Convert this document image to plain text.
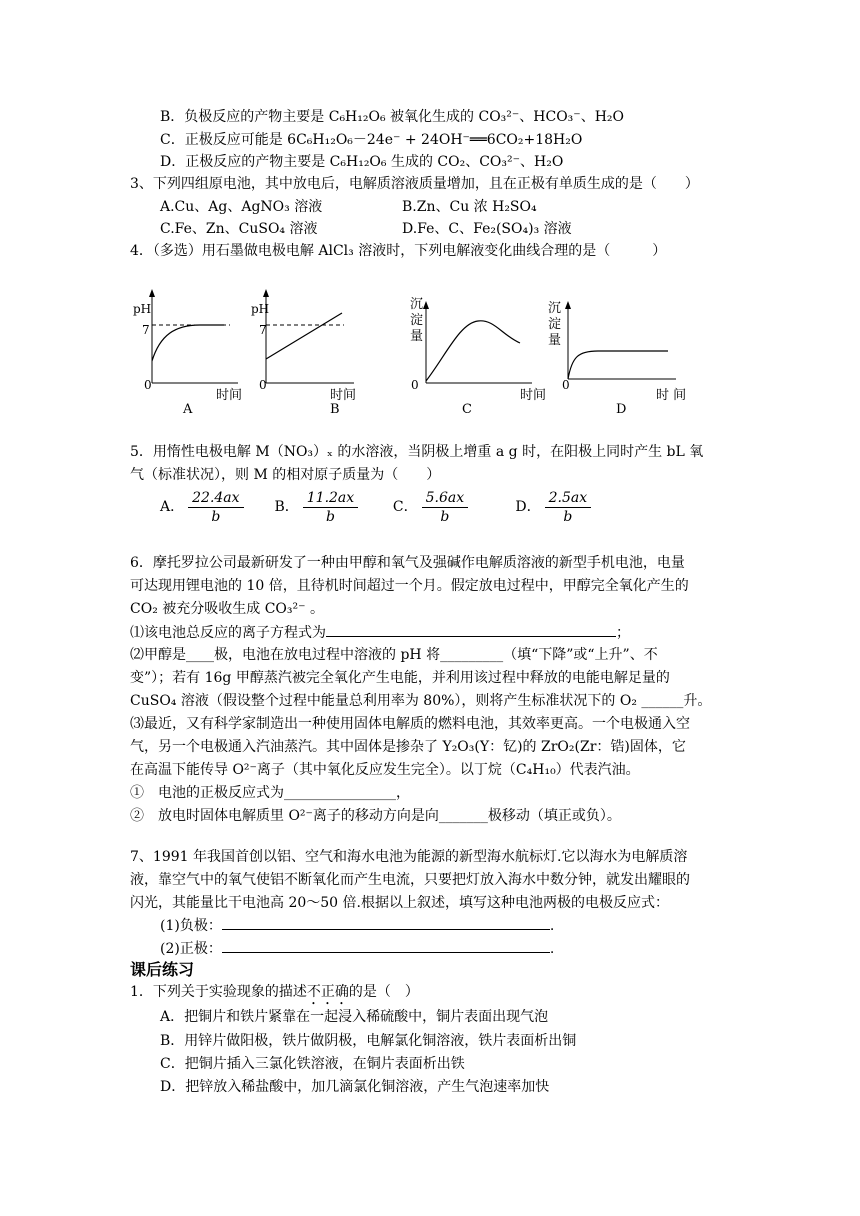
B．负极反应的产物主要是 C₆H₁₂O₆ 被氧化生成的 CO₃²⁻、HCO₃⁻、H₂O
C．正极反应可能是 6C₆H₁₂O₆－24e⁻ + 24OH⁻══6CO₂+18H₂O
D．正极反应的产物主要是 C₆H₁₂O₆ 生成的 CO₂、CO₃²⁻、H₂O
3、下列四组原电池，其中放电后，电解质溶液质量增加，且在正极有单质生成的是（　　）
A.Cu、Ag、AgNO₃ 溶液	B.Zn、Cu 浓 H₂SO₄
C.Fe、Zn、CuSO₄ 溶液	D.Fe、C、Fe₂(SO₄)₃ 溶液
4．（多选）用石墨做电极电解 AlCl₃ 溶液时，下列电解液变化曲线合理的是（　　　）
pH
7
0
时间
A
pH
7
0
时间
B
沉
淀
量
0
时间
C
沉
淀
量
0
时 间
D
5．用惰性电极电解 M（NO₃）ₓ 的水溶液，当阴极上增重 a g 时，在阳极上同时产生 bL 氧
气（标准状况），则 M 的相对原子质量为（　　）
A． $\frac{22.4ax}{b}$ B． $\frac{11.2ax}{b}$ C． $\frac{5.6ax}{b}$	D． $\frac{2.5ax}{b}$
6．摩托罗拉公司最新研发了一种由甲醇和氧气及强碱作电解质溶液的新型手机电池，电量
可达现用锂电池的 10 倍，且待机时间超过一个月。假定放电过程中，甲醇完全氧化产生的
CO₂ 被充分吸收生成 CO₃²⁻ 。
⑴该电池总反应的离子方程式为	；
⑵甲醇是____极，电池在放电过程中溶液的 pH 将_________（填“下降”或“上升”、不
变”）；若有 16g 甲醇蒸汽被完全氧化产生电能，并利用该过程中释放的电能电解足量的
CuSO₄ 溶液（假设整个过程中能量总利用率为 80%），则将产生标准状况下的 O₂ ______升。
⑶最近，又有科学家制造出一种使用固体电解质的燃料电池，其效率更高。一个电极通入空
气，另一个电极通入汽油蒸汽。其中固体是掺杂了 Y₂O₃(Y：钇)的 ZrO₂(Zr：锆)固体，它
在高温下能传导 O²⁻离子（其中氧化反应发生完全）。以丁烷（C₄H₁₀）代表汽油。
①　电池的正极反应式为________________，
②　放电时固体电解质里 O²⁻离子的移动方向是向_______极移动（填正或负）。
7、1991 年我国首创以铝、空气和海水电池为能源的新型海水航标灯.它以海水为电解质溶
液，靠空气中的氧气使铝不断氧化而产生电流，只要把灯放入海水中数分钟，就发出耀眼的
闪光，其能量比干电池高 20～50 倍.根据以上叙述，填写这种电池两极的电极反应式：
(1)负极：	.
(2)正极：	.
课后练习
1．下列关于实验现象的描述不正确的是（　）
A．把铜片和铁片紧靠在一起浸入稀硫酸中，铜片表面出现气泡
B．用锌片做阳极，铁片做阴极，电解氯化铜溶液，铁片表面析出铜
C．把铜片插入三氯化铁溶液，在铜片表面析出铁
D．把锌放入稀盐酸中，加几滴氯化铜溶液，产生气泡速率加快
